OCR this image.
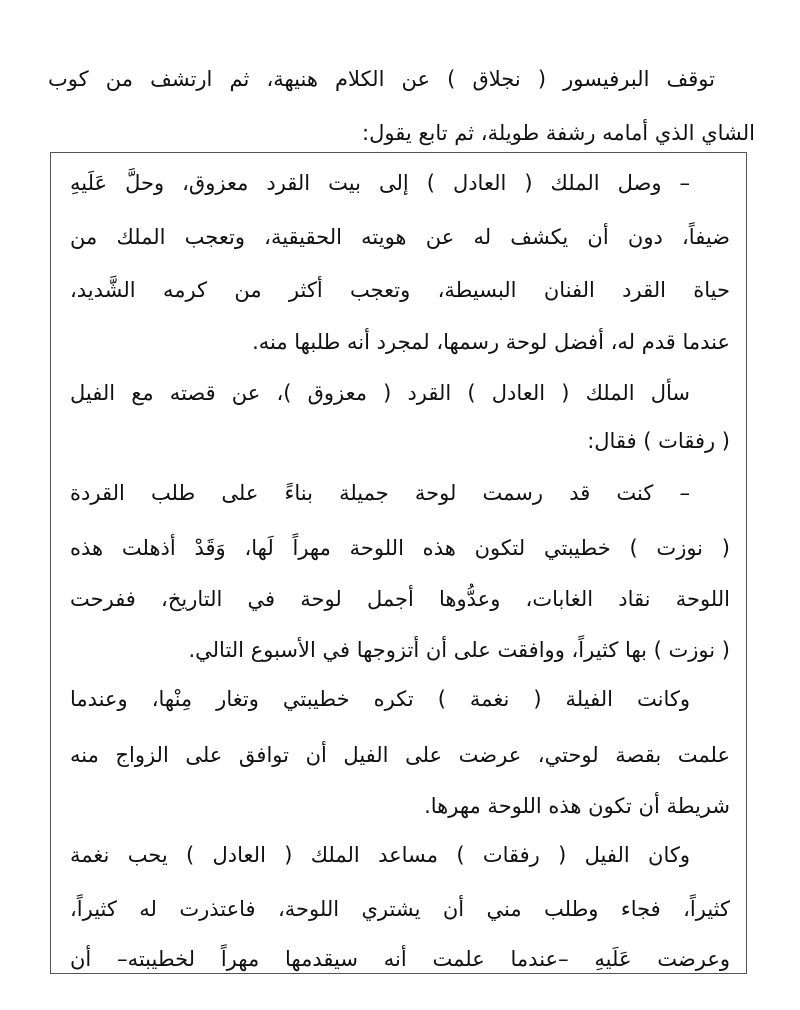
توقف البرفيسور ( نجلاق ) عن الكلام هنيهة، ثم ارتشف من كوب
الشاي الذي أمامه رشفة طويلة، ثم تابع يقول:
– وصل الملك ( العادل ) إلى بيت القرد معزوق، وحلَّ عَلَيهِ
ضيفاً، دون أن يكشف له عن هويته الحقيقية، وتعجب الملك من
حياة القرد الفنان البسيطة، وتعجب أكثر من كرمه الشَّديد،
عندما قدم له، أفضل لوحة رسمها، لمجرد أنه طلبها منه.
سأل الملك ( العادل ) القرد ( معزوق )، عن قصته مع الفيل
( رفقات ) فقال:
– كنت قد رسمت لوحة جميلة بناءً على طلب القردة
( نوزت ) خطيبتي لتكون هذه اللوحة مهراً لَها، وَقَدْ أذهلت هذه
اللوحة نقاد الغابات، وعدُّوها أجمل لوحة في التاريخ، ففرحت
( نوزت ) بها كثيراً، ووافقت على أن أتزوجها في الأسبوع التالي.
وكانت الفيلة ( نغمة ) تكره خطيبتي وتغار مِنْها، وعندما
علمت بقصة لوحتي، عرضت على الفيل أن توافق على الزواج منه
شريطة أن تكون هذه اللوحة مهرها.
وكان الفيل ( رفقات ) مساعد الملك ( العادل ) يحب نغمة
كثيراً، فجاء وطلب مني أن يشتري اللوحة، فاعتذرت له كثيراً،
وعرضت عَلَيهِ –عندما علمت أنه سيقدمها مهراً لخطيبته– أن
